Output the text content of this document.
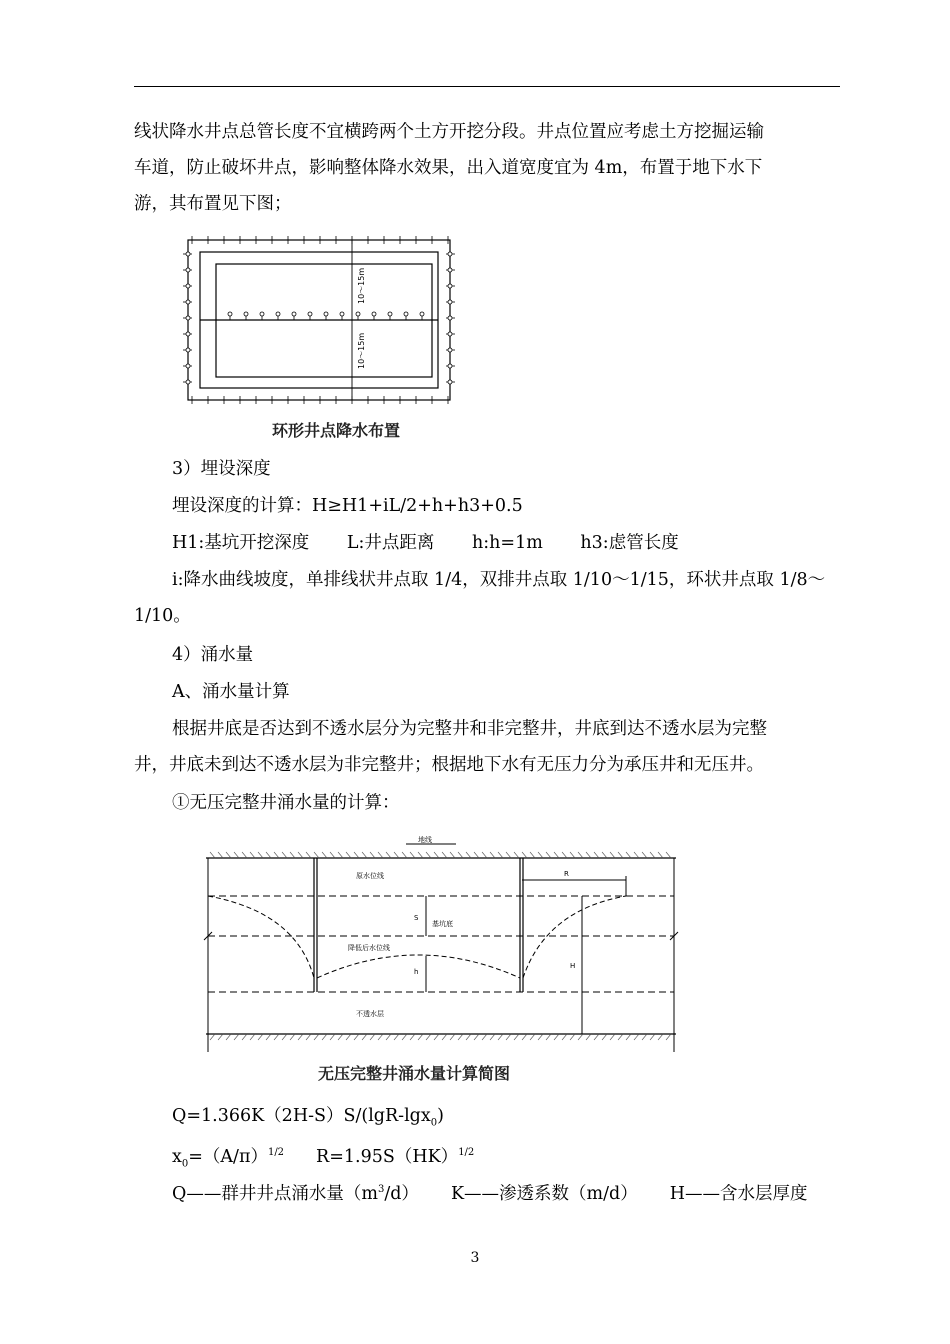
线状降水井点总管长度不宜横跨两个土方开挖分段。井点位置应考虑土方挖掘运输
车道，防止破坏井点，影响整体降水效果，出入道宽度宜为 4m，布置于地下水下
游，其布置见下图；
10～15m
10～15m
环形井点降水布置
3）埋设深度
埋设深度的计算：H≥H1+iL/2+h+h3+0.5
H1:基坑开挖深度 L:井点距离 h:h=1m h3:虑管长度
i:降水曲线坡度，单排线状井点取 1/4，双排井点取 1/10～1/15，环状井点取 1/8～
1/10。
4）涌水量
A、涌水量计算
根据井底是否达到不透水层分为完整井和非完整井，井底到达不透水层为完整
井，井底未到达不透水层为非完整井；根据地下水有无压力分为承压井和无压井。
①无压完整井涌水量的计算：
地线
原水位线
基坑底
降低后水位线
不透水层
R
S
h
H
无压完整井涌水量计算简图
Q=1.366K（2H-S）S/(lgR-lgx$_0$)
$x_0=(A/\pi)^{1/2}$ R=1.95S（HK）$^{1/2}$
Q——群井井点涌水量$(m^3/d)$ K——渗透系数（m/d） H——含水层厚度
3
